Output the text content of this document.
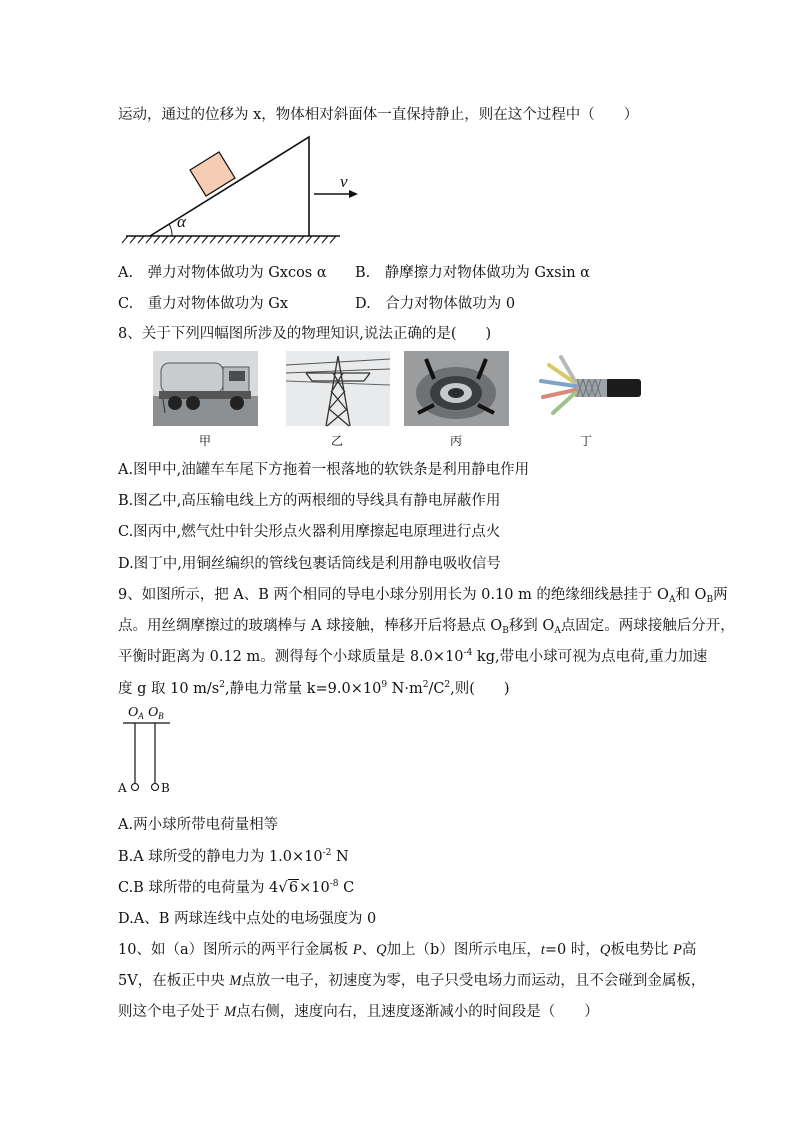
运动，通过的位移为 x，物体相对斜面体一直保持静止，则在这个过程中（　　）
α
v
A.　弹力对物体做功为 Gxcos α B.　静摩擦力对物体做功为 Gxsin α
C.　重力对物体做功为 Gx	D.　合力对物体做功为 0
8、关于下列四幅图所涉及的物理知识,说法正确的是(　　)
甲	乙	丙	丁
A.图甲中,油罐车车尾下方拖着一根落地的软铁条是利用静电作用
B.图乙中,高压输电线上方的两根细的导线具有静电屏蔽作用
C.图丙中,燃气灶中针尖形点火器利用摩擦起电原理进行点火
D.图丁中,用铜丝编织的管线包裹话筒线是利用静电吸收信号
9、如图所示，把 A、B 两个相同的导电小球分别用长为 0.10 m 的绝缘细线悬挂于 $O_A$和 $O_B$两
点。用丝绸摩擦过的玻璃棒与 A 球接触，棒移开后将悬点 $O_B$移到 $O_A$点固定。两球接触后分开，
平衡时距离为 0.12 m。测得每个小球质量是 $8.0\times 10^{-4}$ kg,带电小球可视为点电荷,重力加速
度 g 取 10 $m/s^2$,静电力常量 $k=9.0\times 10^9$ $N\cdot m^2/C^2$,则(　　)
$O_A$ $O_B$
A	B
A.两小球所带电荷量相等
B.A 球所受的静电力为 $1.0\times 10^{-2}$ N
C.B 球所带的电荷量为 $4√6\times 10^{-8}$ C
D.A、B 两球连线中点处的电场强度为 0
10、如（a）图所示的两平行金属板 P、Q加上（b）图所示电压，t=0 时，Q板电势比 P高
5V，在板正中央 M点放一电子，初速度为零，电子只受电场力而运动，且不会碰到金属板，
则这个电子处于 M点右侧，速度向右，且速度逐渐减小的时间段是（　　）
